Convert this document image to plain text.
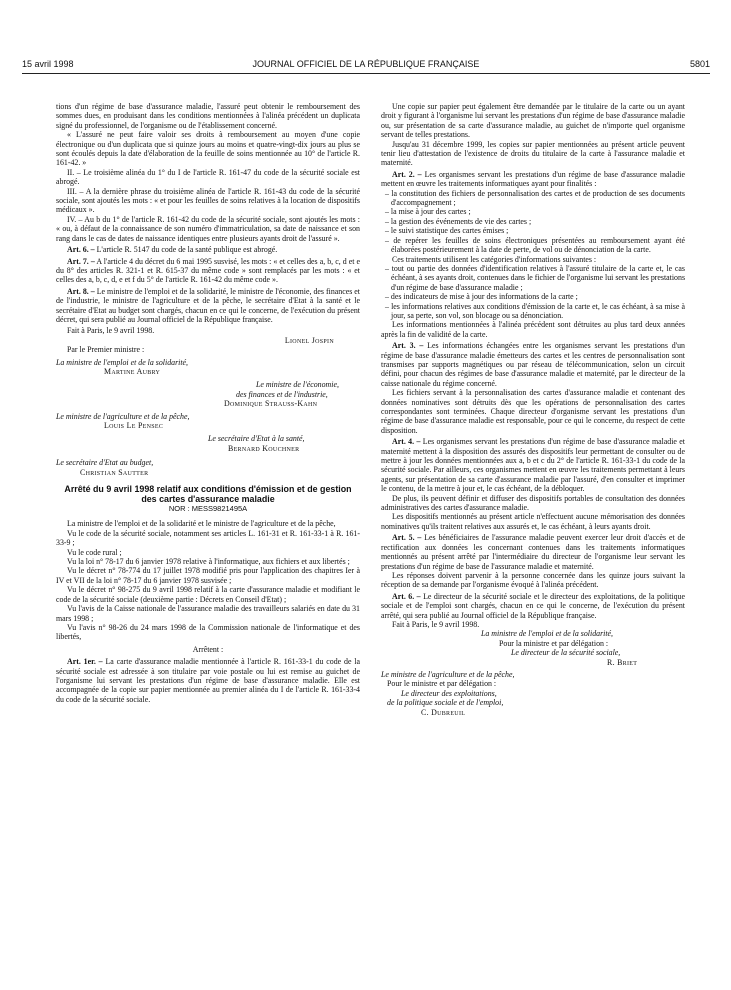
15 avril 1998	JOURNAL OFFICIEL DE LA RÉPUBLIQUE FRANÇAISE	5801

tions d'un régime de base d'assurance maladie, l'assuré peut obtenir le remboursement des sommes dues, en produisant dans les conditions mentionnées à l'alinéa précédent un duplicata signé du professionnel, de l'organisme ou de l'établissement concerné.

« L'assuré ne peut faire valoir ses droits à remboursement au moyen d'une copie électronique ou d'un duplicata que si quinze jours au moins et quatre-vingt-dix jours au plus se sont écoulés depuis la date d'élaboration de la feuille de soins mentionnée au 10° de l'article R. 161-42. »

II. – Le troisième alinéa du 1° du I de l'article R. 161-47 du code de la sécurité sociale est abrogé.

III. – A la dernière phrase du troisième alinéa de l'article R. 161-43 du code de la sécurité sociale, sont ajoutés les mots : « et pour les feuilles de soins relatives à la location de dispositifs médicaux ».

IV. – Au b du 1° de l'article R. 161-42 du code de la sécurité sociale, sont ajoutés les mots : « ou, à défaut de la connaissance de son numéro d'immatriculation, sa date de naissance et son rang dans le cas de dates de naissance identiques entre plusieurs ayants droit de l'assuré ».

Art. 6. – L'article R. 5147 du code de la santé publique est abrogé.

Art. 7. – A l'article 4 du décret du 6 mai 1995 susvisé, les mots : « et celles des a, b, c, d et e du 8° des articles R. 321-1 et R. 615-37 du même code » sont remplacés par les mots : « et celles des a, b, c, d, e et f du 5° de l'article R. 161-42 du même code ».

Art. 8. – Le ministre de l'emploi et de la solidarité, le ministre de l'économie, des finances et de l'industrie, le ministre de l'agriculture et de la pêche, le secrétaire d'Etat à la santé et le secrétaire d'Etat au budget sont chargés, chacun en ce qui le concerne, de l'exécution du présent décret, qui sera publié au Journal officiel de la République française.

Fait à Paris, le 9 avril 1998.

Lionel Jospin

Par le Premier ministre :

La ministre de l'emploi et de la solidarité,

Martine Aubry

Le ministre de l'économie,

des finances et de l'industrie,

Dominique Strauss-Kahn

Le ministre de l'agriculture et de la pêche,

Louis Le Pensec

Le secrétaire d'Etat à la santé,

Bernard Kouchner

Le secrétaire d'Etat au budget,

Christian Sautter

Arrêté du 9 avril 1998 relatif aux conditions d'émission et de gestion des cartes d'assurance maladie

NOR : MESS9821495A

La ministre de l'emploi et de la solidarité et le ministre de l'agriculture et de la pêche,

Vu le code de la sécurité sociale, notamment ses articles L. 161-31 et R. 161-33-1 à R. 161-33-9 ;

Vu le code rural ;

Vu la loi n° 78-17 du 6 janvier 1978 relative à l'informatique, aux fichiers et aux libertés ;

Vu le décret n° 78-774 du 17 juillet 1978 modifié pris pour l'application des chapitres Ier à IV et VII de la loi n° 78-17 du 6 janvier 1978 susvisée ;

Vu le décret n° 98-275 du 9 avril 1998 relatif à la carte d'assurance maladie et modifiant le code de la sécurité sociale (deuxième partie : Décrets en Conseil d'Etat) ;

Vu l'avis de la Caisse nationale de l'assurance maladie des travailleurs salariés en date du 31 mars 1998 ;

Vu l'avis n° 98-26 du 24 mars 1998 de la Commission nationale de l'informatique et des libertés,

Arrêtent :

Art. 1er. – La carte d'assurance maladie mentionnée à l'article R. 161-33-1 du code de la sécurité sociale est adressée à son titulaire par voie postale ou lui est remise au guichet de l'organisme lui servant les prestations d'un régime de base d'assurance maladie. Elle est accompagnée de la copie sur papier mentionnée au premier alinéa du I de l'article R. 161-33-4 du code de la sécurité sociale.

Une copie sur papier peut également être demandée par le titulaire de la carte ou un ayant droit y figurant à l'organisme lui servant les prestations d'un régime de base d'assurance maladie ou, sur présentation de sa carte d'assurance maladie, au guichet de n'importe quel organisme servant de telles prestations.

Jusqu'au 31 décembre 1999, les copies sur papier mentionnées au présent article peuvent tenir lieu d'attestation de l'existence de droits du titulaire de la carte à l'assurance maladie et maternité.

Art. 2. – Les organismes servant les prestations d'un régime de base d'assurance maladie mettent en œuvre les traitements informatiques ayant pour finalités :

– la constitution des fichiers de personnalisation des cartes et de production de ses documents d'accompagnement ;
– la mise à jour des cartes ;
– la gestion des événements de vie des cartes ;
– le suivi statistique des cartes émises ;
– de repérer les feuilles de soins électroniques présentées au remboursement ayant été élaborées postérieurement à la date de perte, de vol ou de dénonciation de la carte.

Ces traitements utilisent les catégories d'informations suivantes :

– tout ou partie des données d'identification relatives à l'assuré titulaire de la carte et, le cas échéant, à ses ayants droit, contenues dans le fichier de l'organisme lui servant les prestations d'un régime de base d'assurance maladie ;
– des indicateurs de mise à jour des informations de la carte ;
– les informations relatives aux conditions d'émission de la carte et, le cas échéant, à sa mise à jour, sa perte, son vol, son blocage ou sa dénonciation.

Les informations mentionnées à l'alinéa précédent sont détruites au plus tard deux années après la fin de validité de la carte.

Art. 3. – Les informations échangées entre les organismes servant les prestations d'un régime de base d'assurance maladie émetteurs des cartes et les centres de personnalisation sont transmises par supports magnétiques ou par réseau de télécommunication, selon un circuit défini, pour chacun des régimes de base d'assurance maladie et maternité, par le directeur de la caisse nationale du régime concerné.

Les fichiers servant à la personnalisation des cartes d'assurance maladie et contenant des données nominatives sont détruits dès que les opérations de personnalisation des cartes correspondantes sont terminées. Chaque directeur d'organisme servant les prestations d'un régime de base d'assurance maladie est responsable, pour ce qui le concerne, du respect de cette disposition.

Art. 4. – Les organismes servant les prestations d'un régime de base d'assurance maladie et maternité mettent à la disposition des assurés des dispositifs leur permettant de consulter ou de mettre à jour les données mentionnées aux a, b et c du 2° de l'article R. 161-33-1 du code de la sécurité sociale. Par ailleurs, ces organismes mettent en œuvre les traitements permettant à leurs agents, sur présentation de sa carte d'assurance maladie par l'assuré, d'en consulter et imprimer le contenu, de la mettre à jour et, le cas échéant, de la débloquer.

De plus, ils peuvent définir et diffuser des dispositifs portables de consultation des données administratives des cartes d'assurance maladie.

Les dispositifs mentionnés au présent article n'effectuent aucune mémorisation des données nominatives qu'ils traitent relatives aux assurés et, le cas échéant, à leurs ayants droit.

Art. 5. – Les bénéficiaires de l'assurance maladie peuvent exercer leur droit d'accès et de rectification aux données les concernant contenues dans les traitements informatiques mentionnés au présent arrêté par l'intermédiaire du directeur de l'organisme leur servant les prestations d'un régime de base de l'assurance maladie et maternité.

Les réponses doivent parvenir à la personne concernée dans les quinze jours suivant la réception de sa demande par l'organisme évoqué à l'alinéa précédent.

Art. 6. – Le directeur de la sécurité sociale et le directeur des exploitations, de la politique sociale et de l'emploi sont chargés, chacun en ce qui le concerne, de l'exécution du présent arrêté, qui sera publié au Journal officiel de la République française.

Fait à Paris, le 9 avril 1998.

La ministre de l'emploi et de la solidarité,

Pour la ministre et par délégation :

Le directeur de la sécurité sociale,

R. Briet

Le ministre de l'agriculture et de la pêche,

Pour le ministre et par délégation :

Le directeur des exploitations,

de la politique sociale et de l'emploi,

C. Dubreuil
